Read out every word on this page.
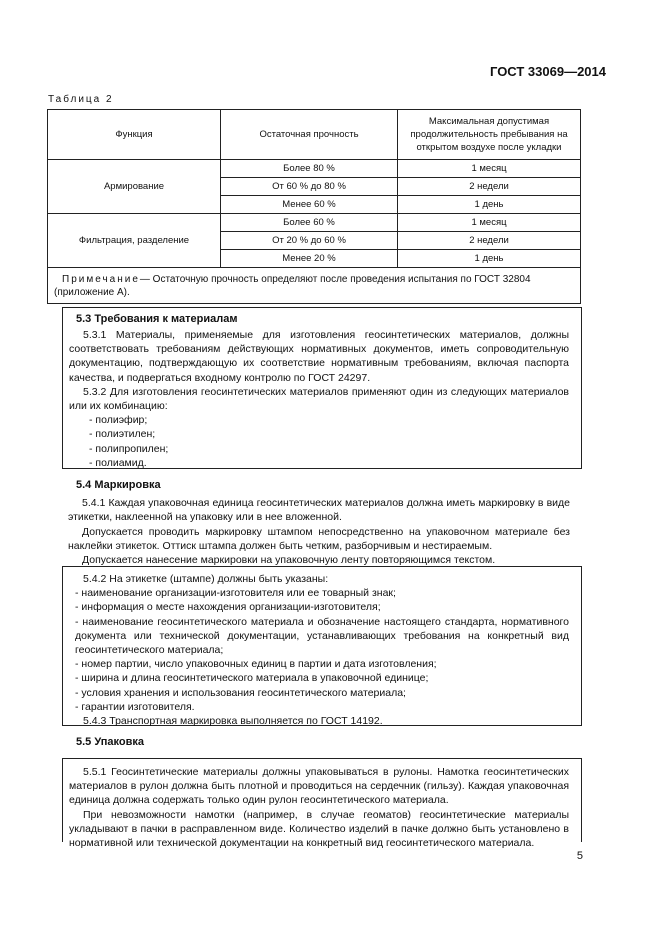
ГОСТ 33069—2014
Таблица 2
Функция	Остаточная прочность	Максимальная допустимая продолжительность пребывания на открытом воздухе после укладки
Армирование	Более 80 %	1 месяц
	От 60 % до 80 %	2 недели
	Менее 60 %	1 день
Фильтрация, разделение	Более 60 %	1 месяц
	От 20 % до 60 %	2 недели
	Менее 20 %	1 день
Примечание— Остаточную прочность определяют после проведения испытания по ГОСТ 32804 (приложение А).		
5.3 Требования к материалам

5.3.1 Материалы, применяемые для изготовления геосинтетических материалов, должны соответствовать требованиям действующих нормативных документов, иметь сопроводительную документацию, подтверждающую их соответствие нормативным требованиям, включая паспорта качества, и подвергаться входному контролю по ГОСТ 24297.

5.3.2 Для изготовления геосинтетических материалов применяют один из следующих материалов или их комбинацию:

- полиэфир;

- полиэтилен;

- полипропилен;

- полиамид.

5.4 Маркировка

5.4.1 Каждая упаковочная единица геосинтетических материалов должна иметь маркировку в виде этикетки, наклеенной на упаковку или в нее вложенной.

Допускается проводить маркировку штампом непосредственно на упаковочном материале без наклейки этикеток. Оттиск штампа должен быть четким, разборчивым и нестираемым.

Допускается нанесение маркировки на упаковочную ленту повторяющимся текстом.

5.4.2 На этикетке (штампе) должны быть указаны:

- наименование организации-изготовителя или ее товарный знак;

- информация о месте нахождения организации-изготовителя;

- наименование геосинтетического материала и обозначение настоящего стандарта, нормативного документа или технической документации, устанавливающих требования на конкретный вид геосинтетического материала;

- номер партии, число упаковочных единиц в партии и дата изготовления;

- ширина и длина геосинтетического материала в упаковочной единице;

- условия хранения и использования геосинтетического материала;

- гарантии изготовителя.

5.4.3 Транспортная маркировка выполняется по ГОСТ 14192.

5.5 Упаковка

5.5.1 Геосинтетические материалы должны упаковываться в рулоны. Намотка геосинтетических материалов в рулон должна быть плотной и проводиться на сердечник (гильзу). Каждая упаковочная единица должна содержать только один рулон геосинтетического материала.

При невозможности намотки (например, в случае геоматов) геосинтетические материалы укладывают в пачки в расправленном виде. Количество изделий в пачке должно быть установлено в нормативной или технической документации на конкретный вид геосинтетического материала.

5
